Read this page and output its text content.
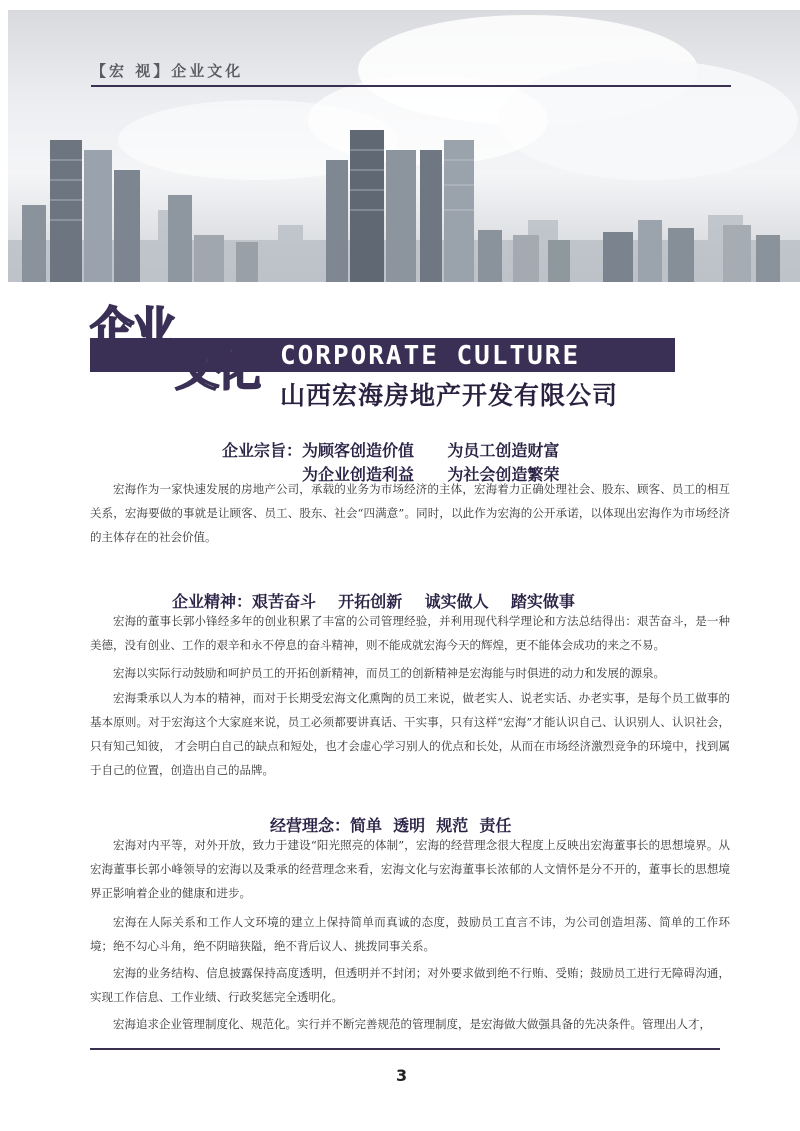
【宏 视】企业文化
企业
文化 CORPORATE CULTURE
山西宏海房地产开发有限公司
企业宗旨：为顾客创造价值      为员工创造财富
为企业创造利益      为社会创造繁荣

宏海作为一家快速发展的房地产公司，承载的业务为市场经济的主体，宏海着力正确处理社会、股东、顾客、员工的相互关系，宏海要做的事就是让顾客、员工、股东、社会“四满意”。同时，以此作为宏海的公开承诺，以体现出宏海作为市场经济的主体存在的社会价值。

企业精神：艰苦奋斗    开拓创新    诚实做人    踏实做事

宏海的董事长郭小锋经多年的创业积累了丰富的公司管理经验，并利用现代科学理论和方法总结得出：艰苦奋斗，是一种美德，没有创业、工作的艰辛和永不停息的奋斗精神，则不能成就宏海今天的辉煌，更不能体会成功的来之不易。

宏海以实际行动鼓励和呵护员工的开拓创新精神，而员工的创新精神是宏海能与时俱进的动力和发展的源泉。

宏海秉承以人为本的精神，而对于长期受宏海文化熏陶的员工来说，做老实人、说老实话、办老实事，是每个员工做事的基本原则。对于宏海这个大家庭来说，员工必须都要讲真话、干实事，只有这样“宏海”才能认识自己、认识别人、认识社会，只有知己知彼， 才会明白自己的缺点和短处，也才会虚心学习别人的优点和长处，从而在市场经济激烈竞争的环境中，找到属于自己的位置，创造出自己的品牌。

经营理念：简单  透明  规范  责任

宏海对内平等，对外开放，致力于建设“阳光照亮的体制”，宏海的经营理念很大程度上反映出宏海董事长的思想境界。从宏海董事长郭小峰领导的宏海以及秉承的经营理念来看，宏海文化与宏海董事长浓郁的人文情怀是分不开的，董事长的思想境界正影响着企业的健康和进步。

宏海在人际关系和工作人文环境的建立上保持简单而真诚的态度，鼓励员工直言不讳，为公司创造坦荡、简单的工作环境；绝不勾心斗角，绝不阴暗狭隘，绝不背后议人、挑拨同事关系。

宏海的业务结构、信息披露保持高度透明，但透明并不封闭；对外要求做到绝不行贿、受贿；鼓励员工进行无障碍沟通，实现工作信息、工作业绩、行政奖惩完全透明化。

宏海追求企业管理制度化、规范化。实行并不断完善规范的管理制度，是宏海做大做强具备的先决条件。管理出人才，

3
